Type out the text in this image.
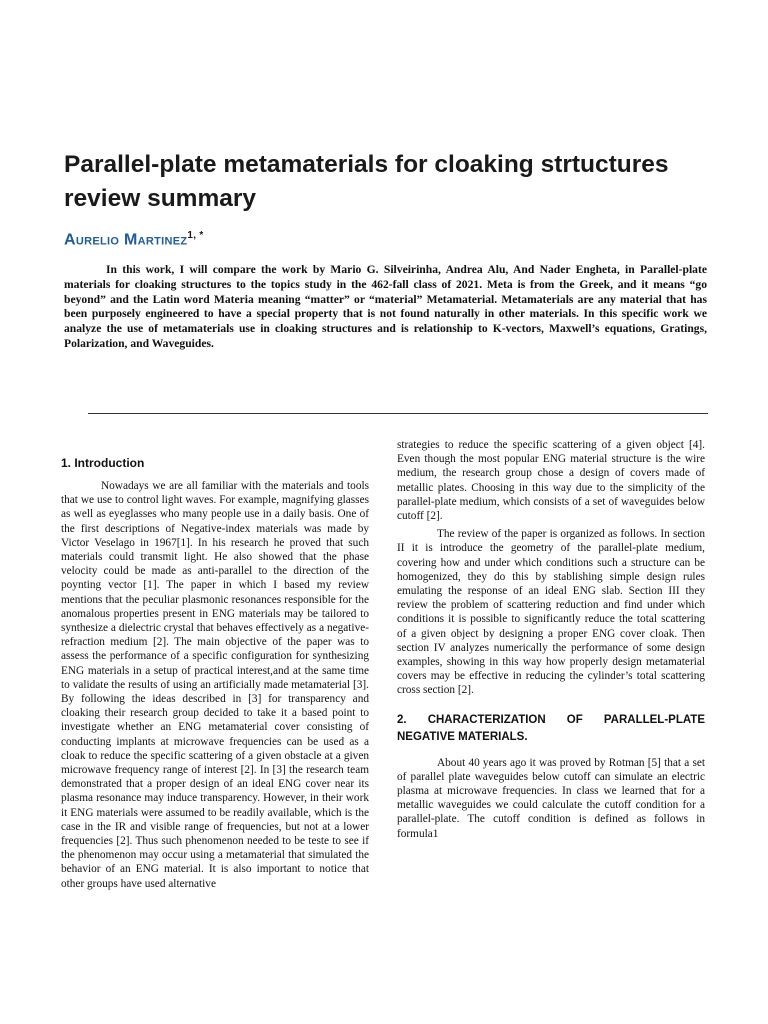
Parallel-plate metamaterials for cloaking strtuctures review summary
Aurelio Martinez$^{1, *}$

In this work, I will compare the work by Mario G. Silveirinha, Andrea Alu, And Nader Engheta, in Parallel-plate materials for cloaking structures to the topics study in the 462-fall class of 2021. Meta is from the Greek, and it means “go beyond” and the Latin word Materia meaning “matter” or “material” Metamaterial. Metamaterials are any material that has been purposely engineered to have a special property that is not found naturally in other materials. In this specific work we analyze the use of metamaterials use in cloaking structures and is relationship to K-vectors, Maxwell’s equations, Gratings, Polarization, and Waveguides.

1. Introduction

Nowadays we are all familiar with the materials and tools that we use to control light waves. For example, magnifying glasses as well as eyeglasses who many people use in a daily basis. One of the first descriptions of Negative-index materials was made by Victor Veselago in 1967[1]. In his research he proved that such materials could transmit light. He also showed that the phase velocity could be made as anti-parallel to the direction of the poynting vector [1]. The paper in which I based my review mentions that the peculiar plasmonic resonances responsible for the anomalous properties present in ENG materials may be tailored to synthesize a dielectric crystal that behaves effectively as a negative-refraction medium [2]. The main objective of the paper was to assess the performance of a specific configuration for synthesizing ENG materials in a setup of practical interest,and at the same time to validate the results of using an artificially made metamaterial [3]. By following the ideas described in [3] for transparency and cloaking their research group decided to take it a based point to investigate whether an ENG metamaterial cover consisting of conducting implants at microwave frequencies can be used as a cloak to reduce the specific scattering of a given obstacle at a given microwave frequency range of interest [2]. In [3] the research team demonstrated that a proper design of an ideal ENG cover near its plasma resonance may induce transparency. However, in their work it ENG materials were assumed to be readily available, which is the case in the IR and visible range of frequencies, but not at a lower frequencies [2]. Thus such phenomenon needed to be teste to see if the phenomenon may occur using a metamaterial that simulated the behavior of an ENG material. It is also important to notice that other groups have used alternative

strategies to reduce the specific scattering of a given object [4]. Even though the most popular ENG material structure is the wire medium, the research group chose a design of covers made of metallic plates. Choosing in this way due to the simplicity of the parallel-plate medium, which consists of a set of waveguides below cutoff [2].

The review of the paper is organized as follows. In section II it is introduce the geometry of the parallel-plate medium, covering how and under which conditions such a structure can be homogenized, they do this by stablishing simple design rules emulating the response of an ideal ENG slab. Section III they review the problem of scattering reduction and find under which conditions it is possible to significantly reduce the total scattering of a given object by designing a proper ENG cover cloak. Then section IV analyzes numerically the performance of some design examples, showing in this way how properly design metamaterial covers may be effective in reducing the cylinder’s total scattering cross section [2].

2. CHARACTERIZATION OF PARALLEL-PLATE NEGATIVE MATERIALS.

About 40 years ago it was proved by Rotman [5] that a set of parallel plate waveguides below cutoff can simulate an electric plasma at microwave frequencies. In class we learned that for a metallic waveguides we could calculate the cutoff condition for a parallel-plate. The cutoff condition is defined as follows in formula1
